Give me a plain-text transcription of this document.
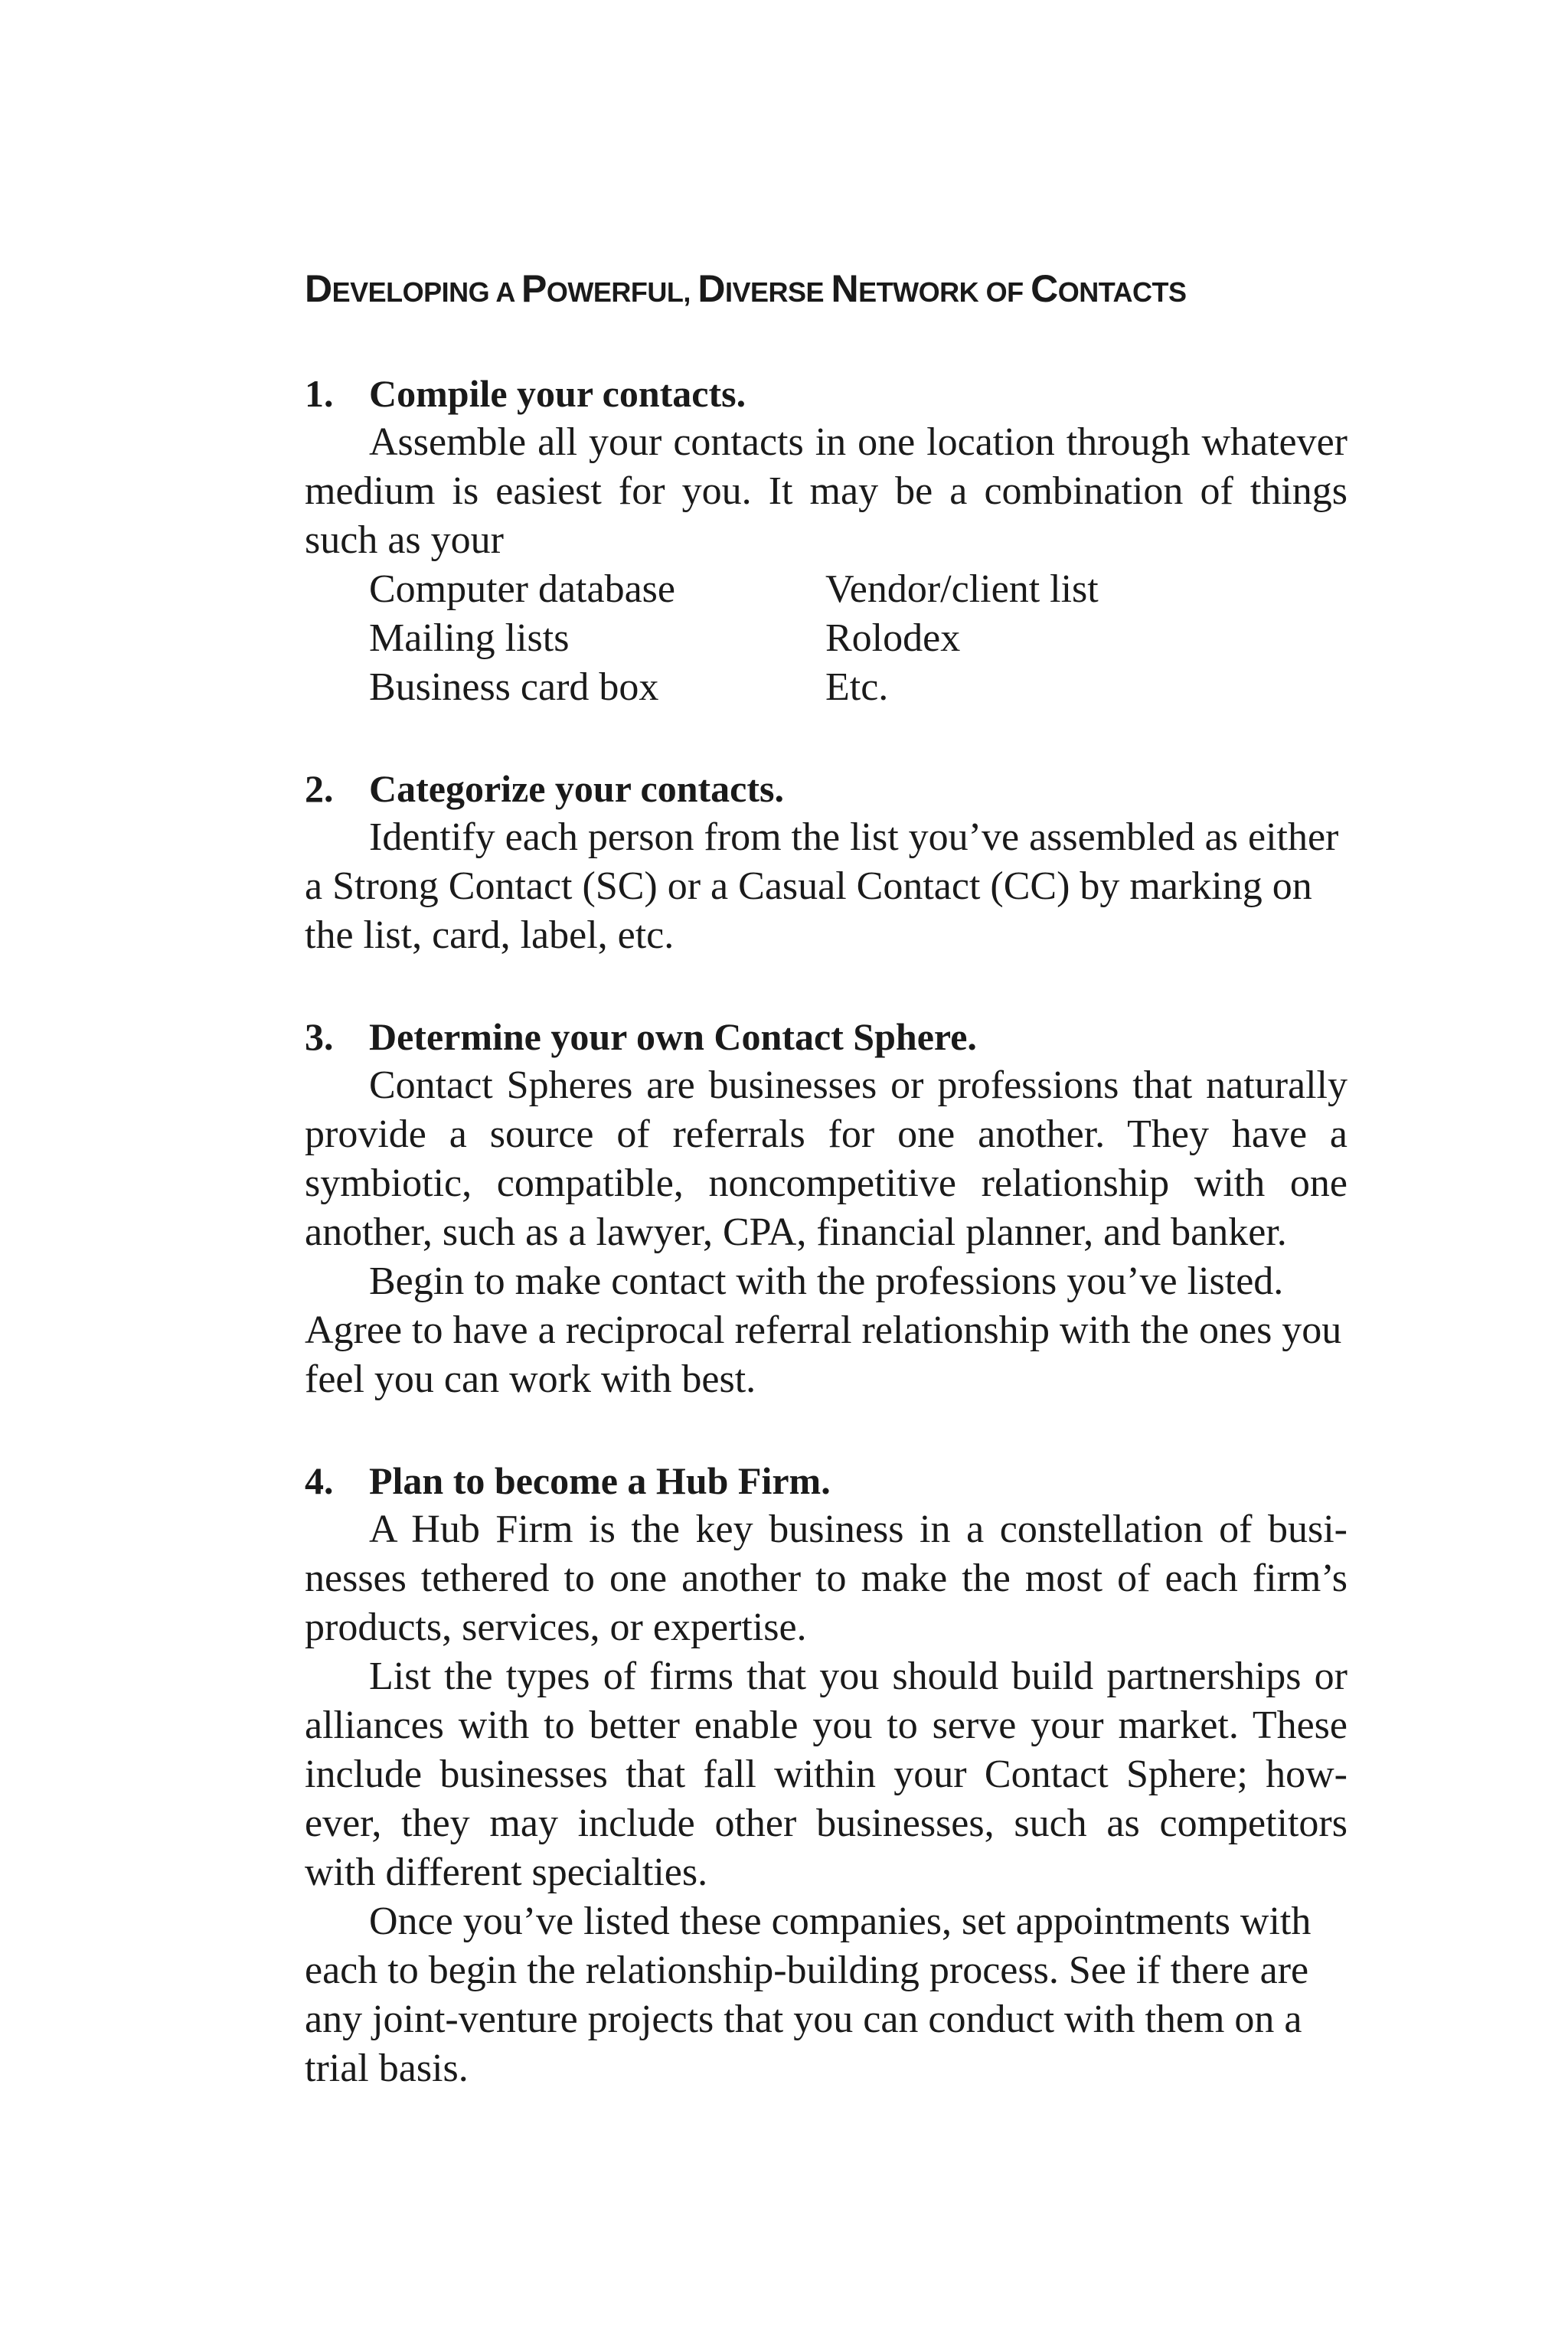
DEVELOPING A POWERFUL, DIVERSE NETWORK OF CONTACTS
1. Compile your contacts.

Assemble all your contacts in one location through whatever medium is easiest for you. It may be a combination of things such as your

Computer database	Vendor/client list
Mailing lists	Rolodex
Business card box	Etc.
2. Categorize your contacts.

Identify each person from the list you’ve assembled as either a Strong Contact (SC) or a Casual Contact (CC) by marking on the list, card, label, etc.

3. Determine your own Contact Sphere.

Contact Spheres are businesses or professions that naturally provide a source of referrals for one another. They have a symbiotic, compatible, noncompetitive relationship with one another, such as a lawyer, CPA, financial planner, and banker.

Begin to make contact with the professions you’ve listed. Agree to have a reciprocal referral relationship with the ones you feel you can work with best.

4. Plan to become a Hub Firm.

A Hub Firm is the key business in a constellation of businesses tethered to one another to make the most of each firm’s products, services, or expertise.

List the types of firms that you should build partnerships or alliances with to better enable you to serve your market. These include businesses that fall within your Contact Sphere; however, they may include other businesses, such as competitors with different specialties.

Once you’ve listed these companies, set appointments with each to begin the relationship-building process. See if there are any joint-venture projects that you can conduct with them on a trial basis.
